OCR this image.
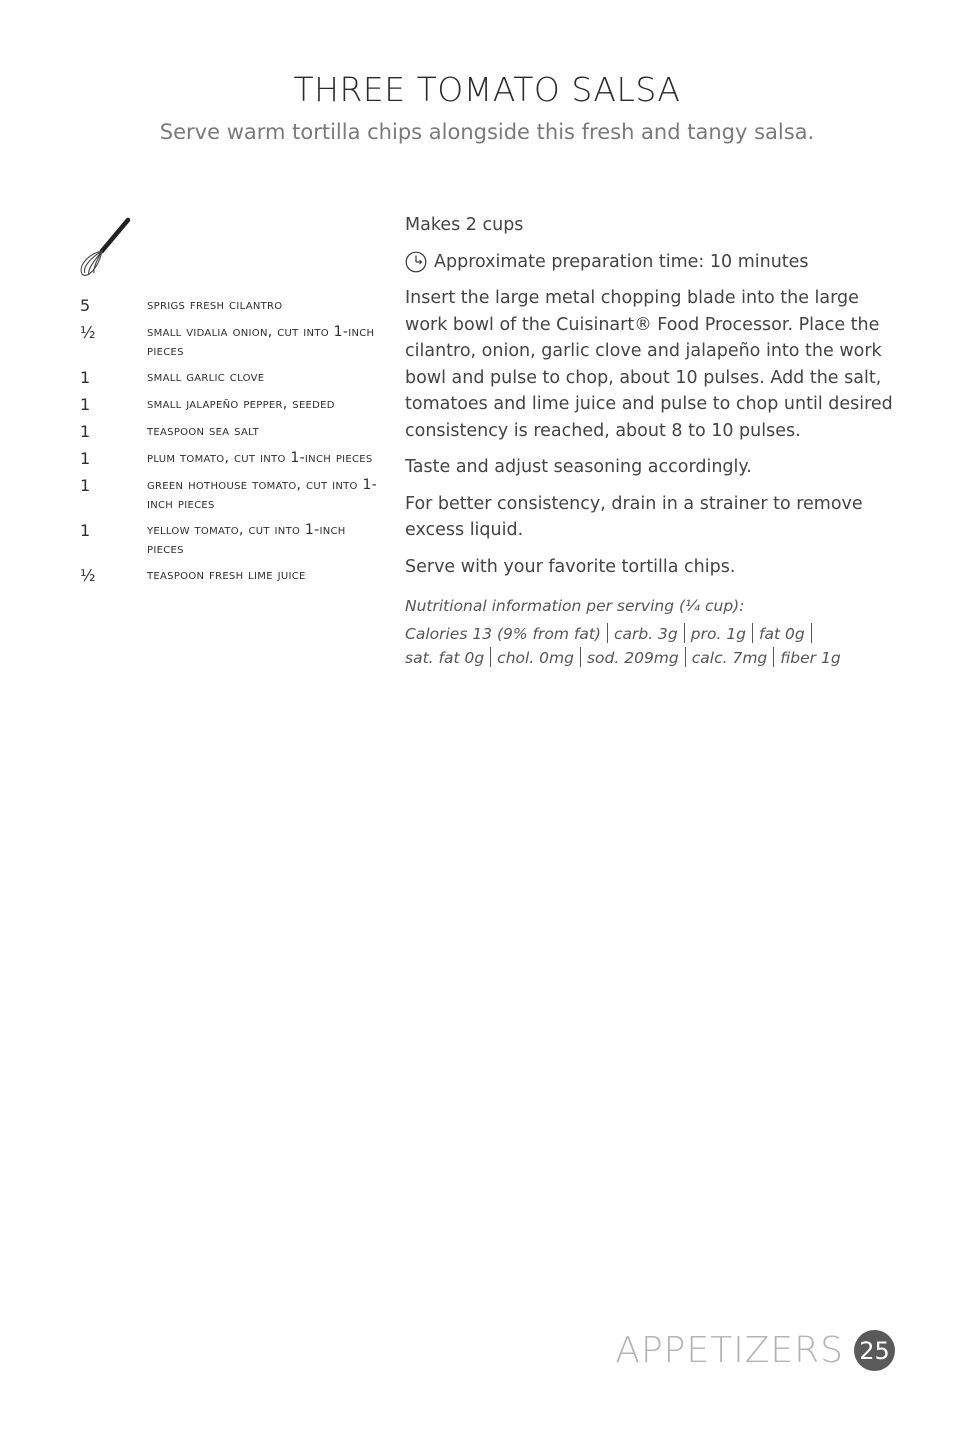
THREE TOMATO SALSA

Serve warm tortilla chips alongside this fresh and tangy salsa.

5	sprigs fresh cilantro
½	small vidalia onion, cut into 1-inch pieces
1	small garlic clove
1	small jalapeño pepper, seeded
1	teaspoon sea salt
1	plum tomato, cut into 1-inch pieces
1	green hothouse tomato, cut into 1-inch pieces
1	yellow tomato, cut into 1-inch pieces
½	teaspoon fresh lime juice

Makes 2 cups

Approximate preparation time: 10 minutes

Insert the large metal chopping blade into the large work bowl of the Cuisinart® Food Processor. Place the cilantro, onion, garlic clove and jalapeño into the work bowl and pulse to chop, about 10 pulses. Add the salt, tomatoes and lime juice and pulse to chop until desired consistency is reached, about 8 to 10 pulses.

Taste and adjust seasoning accordingly.

For better consistency, drain in a strainer to remove excess liquid.

Serve with your favorite tortilla chips.

Nutritional information per serving (¼ cup):

Calories 13 (9% from fat) carb. 3g pro. 1g fat 0g

sat. fat 0g chol. 0mg sod. 209mg calc. 7mg fiber 1g

APPETIZERS 25
